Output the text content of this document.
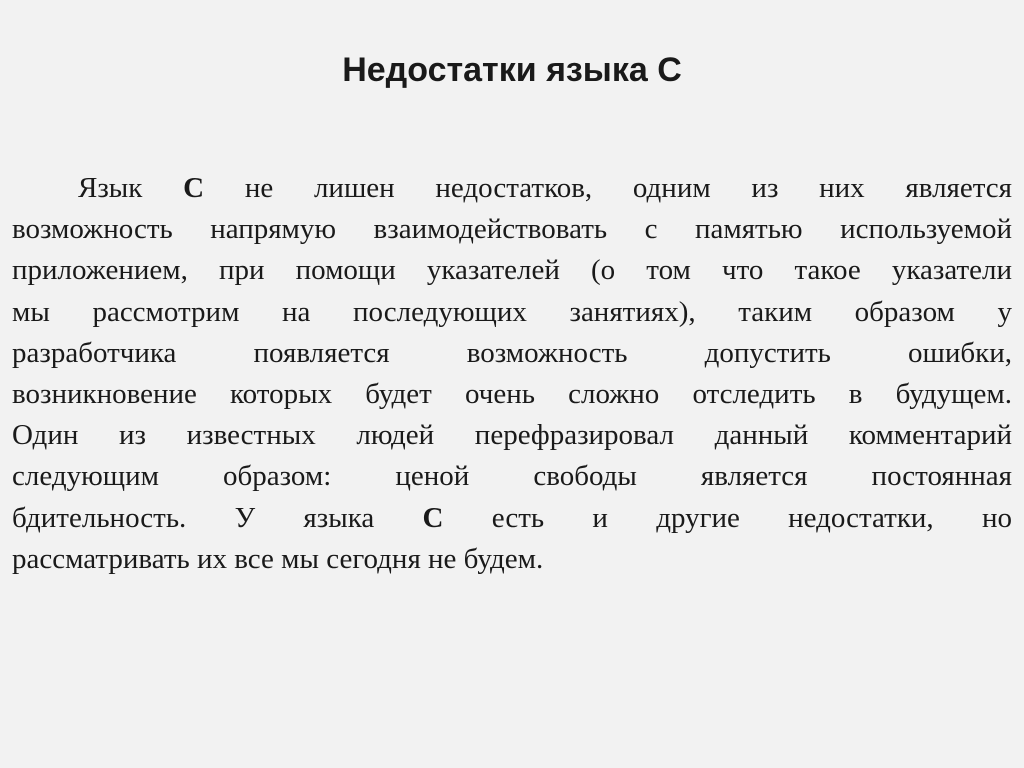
Недостатки языка С
Язык С не лишен недостатков, одним из них является
возможность напрямую взаимодействовать с памятью используемой
приложением, при помощи указателей (о том что такое указатели
мы рассмотрим на последующих занятиях), таким образом у
разработчика появляется возможность допустить ошибки,
возникновение которых будет очень сложно отследить в будущем.
Один из известных людей перефразировал данный комментарий
следующим образом: ценой свободы является постоянная
бдительность. У языка С есть и другие недостатки, но
рассматривать их все мы сегодня не будем.
